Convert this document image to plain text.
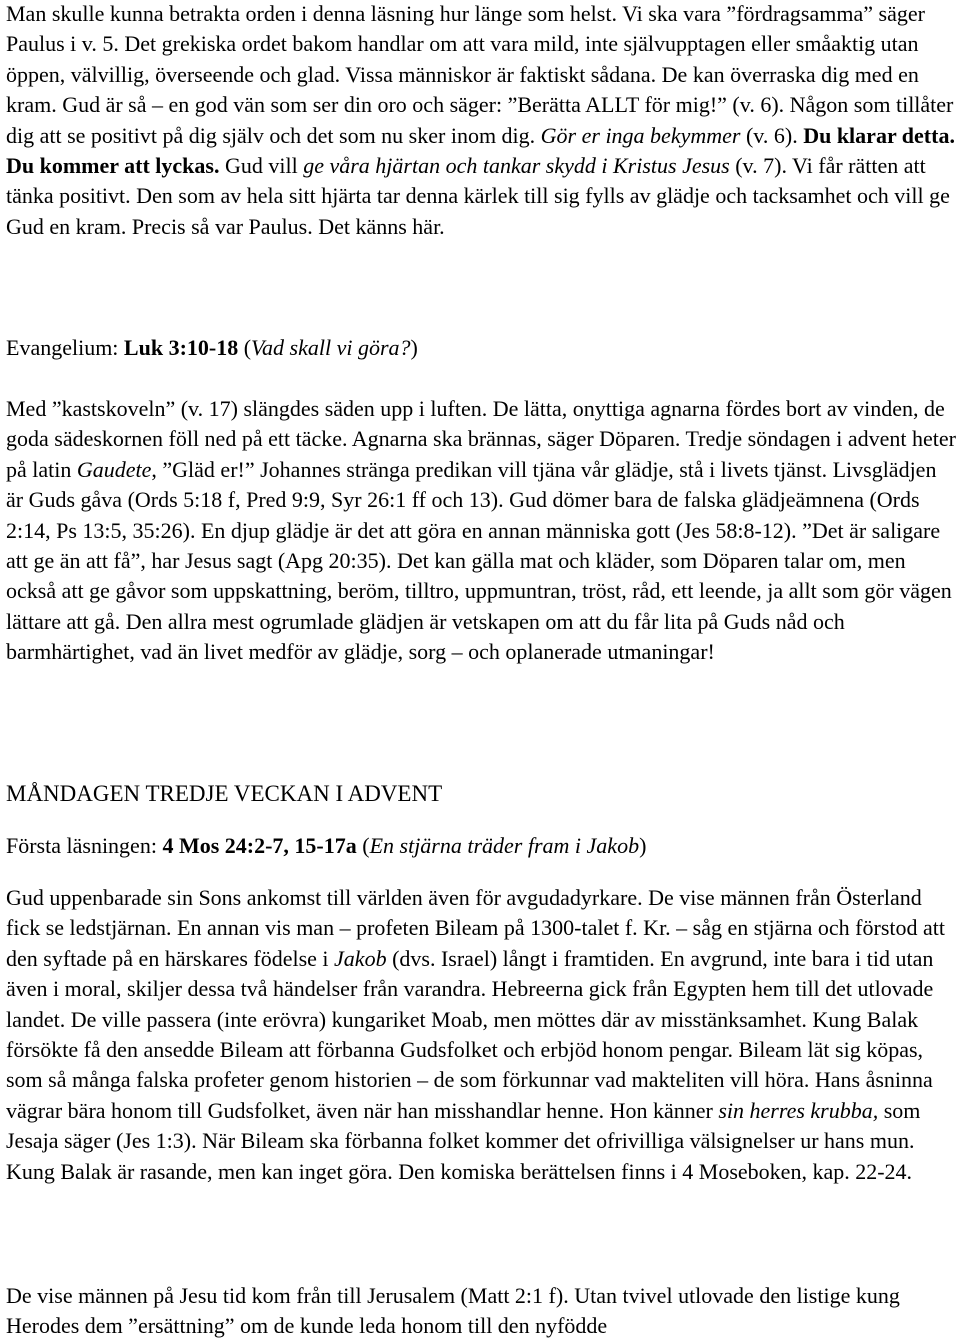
Man skulle kunna betrakta orden i denna läsning hur länge som helst. Vi ska vara ”fördragsamma” säger Paulus i v. 5. Det grekiska ordet bakom handlar om att vara mild, inte självupptagen eller småaktig utan öppen, välvillig, överseende och glad. Vissa människor är faktiskt sådana. De kan överraska dig med en kram. Gud är så – en god vän som ser din oro och säger: ”Berätta ALLT för mig!” (v. 6). Någon som tillåter dig att se positivt på dig själv och det som nu sker inom dig. Gör er inga bekymmer (v. 6). Du klarar detta. Du kommer att lyckas. Gud vill ge våra hjärtan och tankar skydd i Kristus Jesus (v. 7). Vi får rätten att tänka positivt. Den som av hela sitt hjärta tar denna kärlek till sig fylls av glädje och tacksamhet och vill ge Gud en kram. Precis så var Paulus. Det känns här.

Evangelium: Luk 3:10-18 (Vad skall vi göra?)

Med ”kastskoveln” (v. 17) slängdes säden upp i luften. De lätta, onyttiga agnarna fördes bort av vinden, de goda sädeskornen föll ned på ett täcke. Agnarna ska brännas, säger Döparen. Tredje söndagen i advent heter på latin Gaudete, ”Gläd er!” Johannes stränga predikan vill tjäna vår glädje, stå i livets tjänst. Livsglädjen är Guds gåva (Ords 5:18 f, Pred 9:9, Syr 26:1 ff och 13). Gud dömer bara de falska glädjeämnena (Ords 2:14, Ps 13:5, 35:26). En djup glädje är det att göra en annan människa gott (Jes 58:8-12). ”Det är saligare att ge än att få”, har Jesus sagt (Apg 20:35). Det kan gälla mat och kläder, som Döparen talar om, men också att ge gåvor som uppskattning, beröm, tilltro, uppmuntran, tröst, råd, ett leende, ja allt som gör vägen lättare att gå. Den allra mest ogrumlade glädjen är vetskapen om att du får lita på Guds nåd och barmhärtighet, vad än livet medför av glädje, sorg – och oplanerade utmaningar!

MÅNDAGEN TREDJE VECKAN I ADVENT

Första läsningen: 4 Mos 24:2-7, 15-17a (En stjärna träder fram i Jakob)

Gud uppenbarade sin Sons ankomst till världen även för avgudadyrkare. De vise männen från Österland fick se ledstjärnan. En annan vis man – profeten Bileam på 1300-talet f. Kr. – såg en stjärna och förstod att den syftade på en härskares födelse i Jakob (dvs. Israel) långt i framtiden. En avgrund, inte bara i tid utan även i moral, skiljer dessa två händelser från varandra. Hebreerna gick från Egypten hem till det utlovade landet. De ville passera (inte erövra) kungariket Moab, men möttes där av misstänksamhet. Kung Balak försökte få den ansedde Bileam att förbanna Gudsfolket och erbjöd honom pengar. Bileam lät sig köpas, som så många falska profeter genom historien – de som förkunnar vad makteliten vill höra. Hans åsninna vägrar bära honom till Gudsfolket, även när han misshandlar henne. Hon känner sin herres krubba, som Jesaja säger (Jes 1:3). När Bileam ska förbanna folket kommer det ofrivilliga välsignelser ur hans mun. Kung Balak är rasande, men kan inget göra. Den komiska berättelsen finns i 4 Moseboken, kap. 22-24.

De vise männen på Jesu tid kom från till Jerusalem (Matt 2:1 f). Utan tvivel utlovade den listige kung Herodes dem ”ersättning” om de kunde leda honom till den nyfödde
